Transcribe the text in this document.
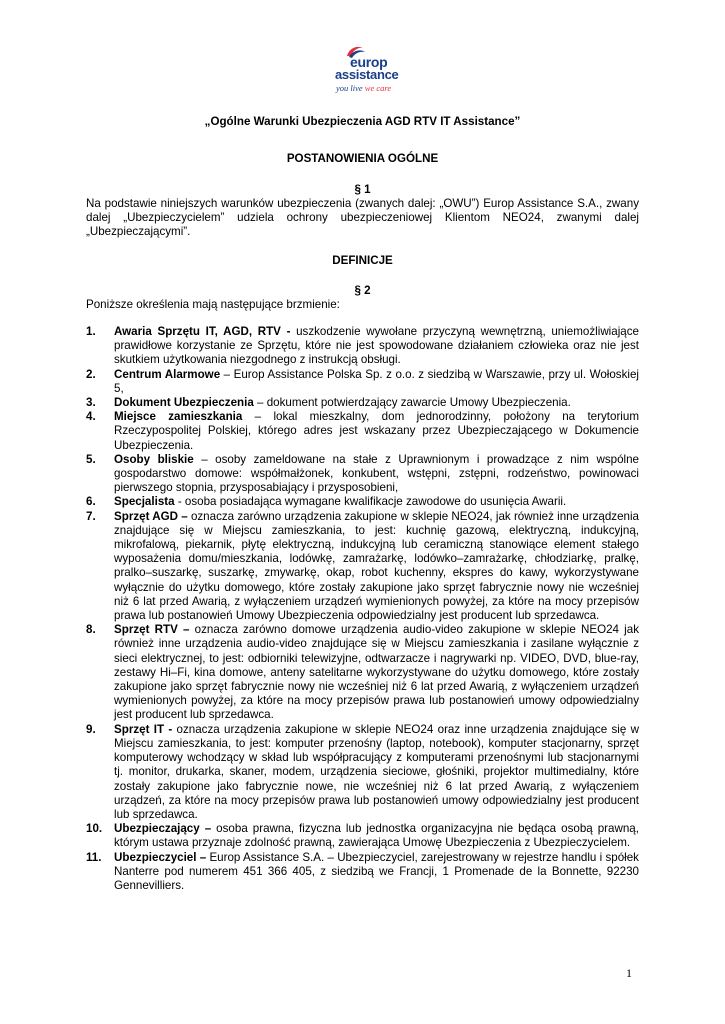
europ
assistance
you live we care
„Ogólne Warunki Ubezpieczenia AGD RTV IT Assistance”
POSTANOWIENIA OGÓLNE
§ 1
Na podstawie niniejszych warunków ubezpieczenia (zwanych dalej: „OWU”) Europ Assistance S.A., zwany dalej „Ubezpieczycielem” udziela ochrony ubezpieczeniowej Klientom NEO24, zwanymi dalej „Ubezpieczającymi”.
DEFINICJE
§ 2
Poniższe określenia mają następujące brzmienie:
1. Awaria Sprzętu IT, AGD, RTV - uszkodzenie wywołane przyczyną wewnętrzną, uniemożliwiające prawidłowe korzystanie ze Sprzętu, które nie jest spowodowane działaniem człowieka oraz nie jest skutkiem użytkowania niezgodnego z instrukcją obsługi.
2. Centrum Alarmowe – Europ Assistance Polska Sp. z o.o. z siedzibą w Warszawie, przy ul. Wołoskiej 5,
3. Dokument Ubezpieczenia – dokument potwierdzający zawarcie Umowy Ubezpieczenia.
4. Miejsce zamieszkania – lokal mieszkalny, dom jednorodzinny, położony na terytorium Rzeczypospolitej Polskiej, którego adres jest wskazany przez Ubezpieczającego w Dokumencie Ubezpieczenia.
5. Osoby bliskie – osoby zameldowane na stałe z Uprawnionym i prowadzące z nim wspólne gospodarstwo domowe: współmałżonek, konkubent, wstępni, zstępni, rodzeństwo, powinowaci pierwszego stopnia, przysposabiający i przysposobieni,
6. Specjalista - osoba posiadająca wymagane kwalifikacje zawodowe do usunięcia Awarii.
7. Sprzęt AGD – oznacza zarówno urządzenia zakupione w sklepie NEO24, jak również inne urządzenia znajdujące się w Miejscu zamieszkania, to jest: kuchnię gazową, elektryczną, indukcyjną, mikrofalową, piekarnik, płytę elektryczną, indukcyjną lub ceramiczną stanowiące element stałego wyposażenia domu/mieszkania, lodówkę, zamrażarkę, lodówko–zamrażarkę, chłodziarkę, pralkę, pralko–suszarkę, suszarkę, zmywarkę, okap, robot kuchenny, ekspres do kawy, wykorzystywane wyłącznie do użytku domowego, które zostały zakupione jako sprzęt fabrycznie nowy nie wcześniej niż 6 lat przed Awarią, z wyłączeniem urządzeń wymienionych powyżej, za które na mocy przepisów prawa lub postanowień Umowy Ubezpieczenia odpowiedzialny jest producent lub sprzedawca.
8. Sprzęt RTV – oznacza zarówno domowe urządzenia audio-video zakupione w sklepie NEO24 jak również inne urządzenia audio-video znajdujące się w Miejscu zamieszkania i zasilane wyłącznie z sieci elektrycznej, to jest: odbiorniki telewizyjne, odtwarzacze i nagrywarki np. VIDEO, DVD, blue-ray, zestawy Hi–Fi, kina domowe, anteny satelitarne wykorzystywane do użytku domowego, które zostały zakupione jako sprzęt fabrycznie nowy nie wcześniej niż 6 lat przed Awarią, z wyłączeniem urządzeń wymienionych powyżej, za które na mocy przepisów prawa lub postanowień umowy odpowiedzialny jest producent lub sprzedawca.
9. Sprzęt IT - oznacza urządzenia zakupione w sklepie NEO24 oraz inne urządzenia znajdujące się w Miejscu zamieszkania, to jest: komputer przenośny (laptop, notebook), komputer stacjonarny, sprzęt komputerowy wchodzący w skład lub współpracujący z komputerami przenośnymi lub stacjonarnymi tj. monitor, drukarka, skaner, modem, urządzenia sieciowe, głośniki, projektor multimedialny, które zostały zakupione jako fabrycznie nowe, nie wcześniej niż 6 lat przed Awarią, z wyłączeniem urządzeń, za które na mocy przepisów prawa lub postanowień umowy odpowiedzialny jest producent lub sprzedawca.
10. Ubezpieczający – osoba prawna, fizyczna lub jednostka organizacyjna nie będąca osobą prawną, którym ustawa przyznaje zdolność prawną, zawierająca Umowę Ubezpieczenia z Ubezpieczycielem.
11. Ubezpieczyciel – Europ Assistance S.A. – Ubezpieczyciel, zarejestrowany w rejestrze handlu i spółek Nanterre pod numerem 451 366 405, z siedzibą we Francji, 1 Promenade de la Bonnette, 92230 Gennevilliers.
1
